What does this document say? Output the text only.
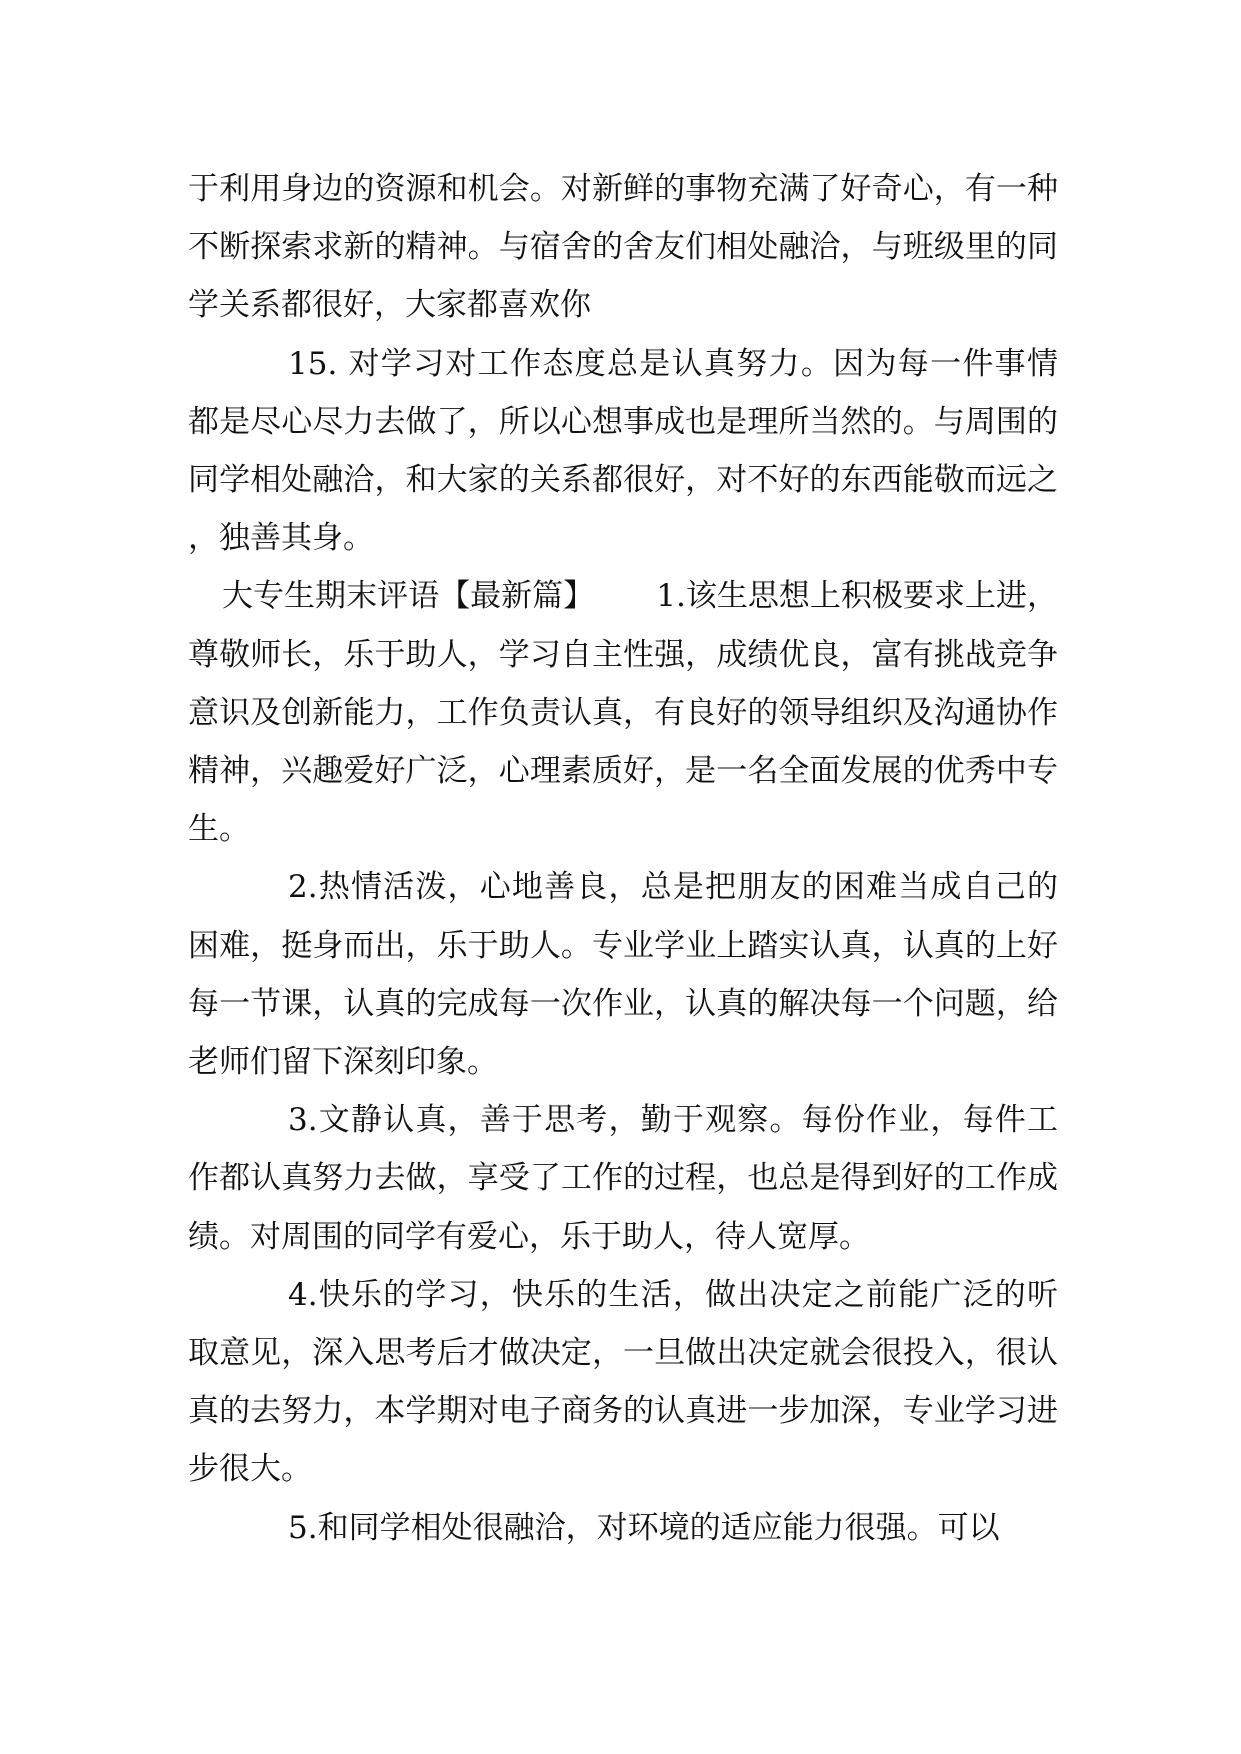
于利用身边的资源和机会。对新鲜的事物充满了好奇心，有一种不断探索求新的精神。与宿舍的舍友们相处融洽，与班级里的同学关系都很好，大家都喜欢你

15. 对学习对工作态度总是认真努力。因为每一件事情都是尽心尽力去做了，所以心想事成也是理所当然的。与周围的同学相处融洽，和大家的关系都很好，对不好的东西能敬而远之，独善其身。

大专生期末评语【最新篇】 1.该生思想上积极要求上进，尊敬师长，乐于助人，学习自主性强，成绩优良，富有挑战竞争意识及创新能力，工作负责认真，有良好的领导组织及沟通协作精神，兴趣爱好广泛，心理素质好，是一名全面发展的优秀中专生。

2.热情活泼，心地善良，总是把朋友的困难当成自己的困难，挺身而出，乐于助人。专业学业上踏实认真，认真的上好每一节课，认真的完成每一次作业，认真的解决每一个问题，给老师们留下深刻印象。

3.文静认真，善于思考，勤于观察。每份作业，每件工作都认真努力去做，享受了工作的过程，也总是得到好的工作成绩。对周围的同学有爱心，乐于助人，待人宽厚。

4.快乐的学习，快乐的生活，做出决定之前能广泛的听取意见，深入思考后才做决定，一旦做出决定就会很投入，很认真的去努力，本学期对电子商务的认真进一步加深，专业学习进步很大。

5.和同学相处很融洽，对环境的适应能力很强。可以
